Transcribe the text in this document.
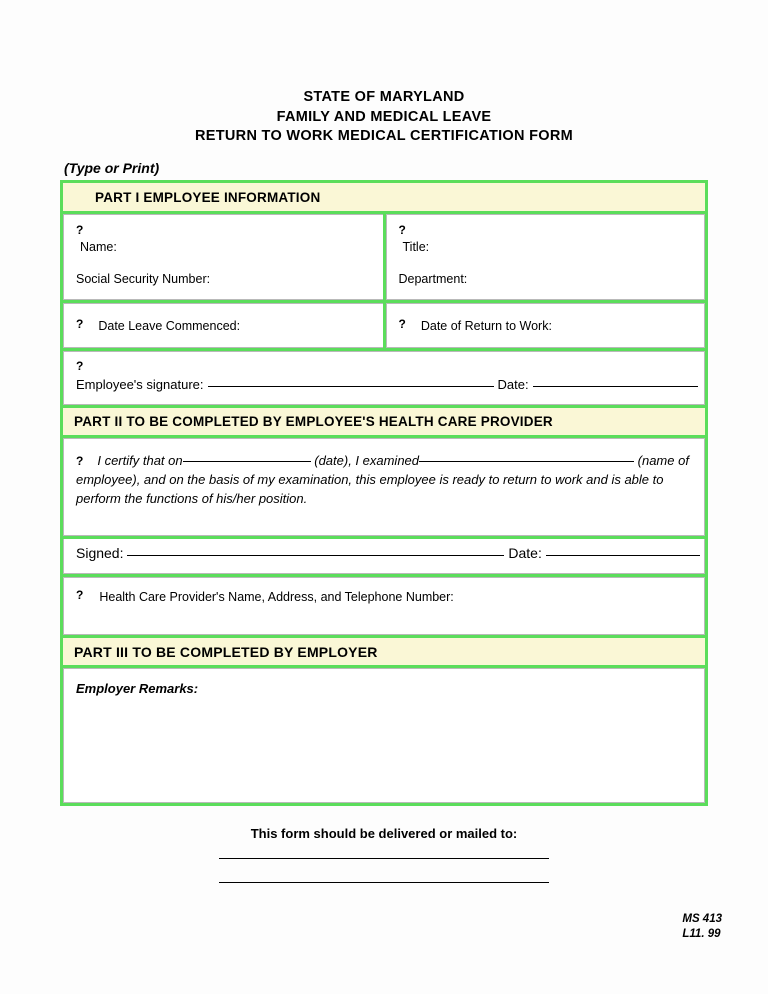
STATE OF MARYLAND
FAMILY AND MEDICAL LEAVE
RETURN TO WORK MEDICAL CERTIFICATION FORM
(Type or Print)
PART I EMPLOYEE INFORMATION
?
Name:
Social Security Number:
?
Title:
Department:
? Date Leave Commenced:	? Date of Return to Work:
?
Employee's signature:	Date:
PART II TO BE COMPLETED BY EMPLOYEE'S HEALTH CARE PROVIDER
? I certify that on	(date), I examined	(name of employee), and on the basis of my examination, this employee is ready to return to work and is able to perform the functions of his/her position.
Signed:	Date:
? Health Care Provider's Name, Address, and Telephone Number:
PART III TO BE COMPLETED BY EMPLOYER
Employer Remarks:
This form should be delivered or mailed to:
MS 413
L11. 99
